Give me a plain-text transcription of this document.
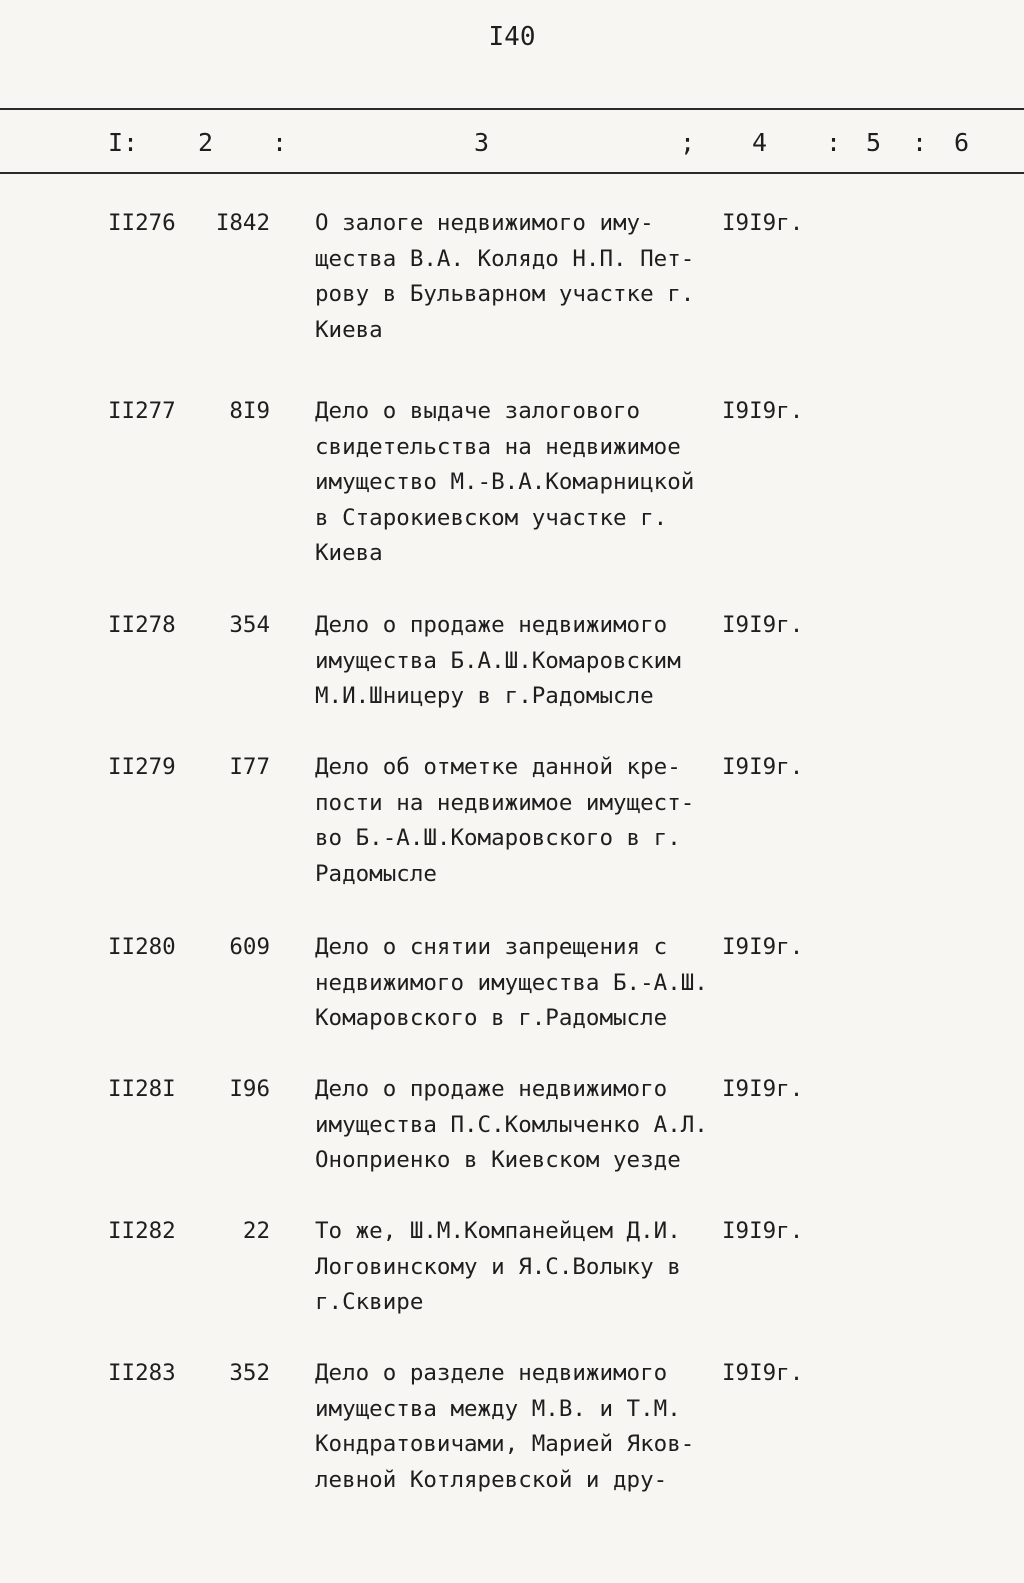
I40
I: 2 :	3	; 4 : 5 : 6
II276	I842 О залоге недвижимого иму-
щества В.А. Колядо Н.П. Пет-
рову в Бульварном участке г.
Киева
I9I9г.
II277	8I9 Дело о выдаче залогового
свидетельства на недвижимое
имущество М.-В.А.Комарницкой
в Старокиевском участке г.
Киева
I9I9г.
II278	354 Дело о продаже недвижимого
имущества Б.А.Ш.Комаровским
М.И.Шницеру в г.Радомысле
I9I9г.
II279	I77 Дело об отметке данной кре-
пости на недвижимое имущест-
во Б.-А.Ш.Комаровского в г.
Радомысле
I9I9г.
II280	609 Дело о снятии запрещения с
недвижимого имущества Б.-А.Ш.
Комаровского в г.Радомысле
I9I9г.
II28I	I96 Дело о продаже недвижимого
имущества П.С.Комлыченко А.Л.
Оноприенко в Киевском уезде
I9I9г.
II282	22 То же, Ш.М.Компанейцем Д.И.
Логовинскому и Я.С.Волыку в
г.Сквире
I9I9г.
II283	352 Дело о разделе недвижимого
имущества между М.В. и Т.М.
Кондратовичами, Марией Яков-
левной Котляревской и дру-
I9I9г.
